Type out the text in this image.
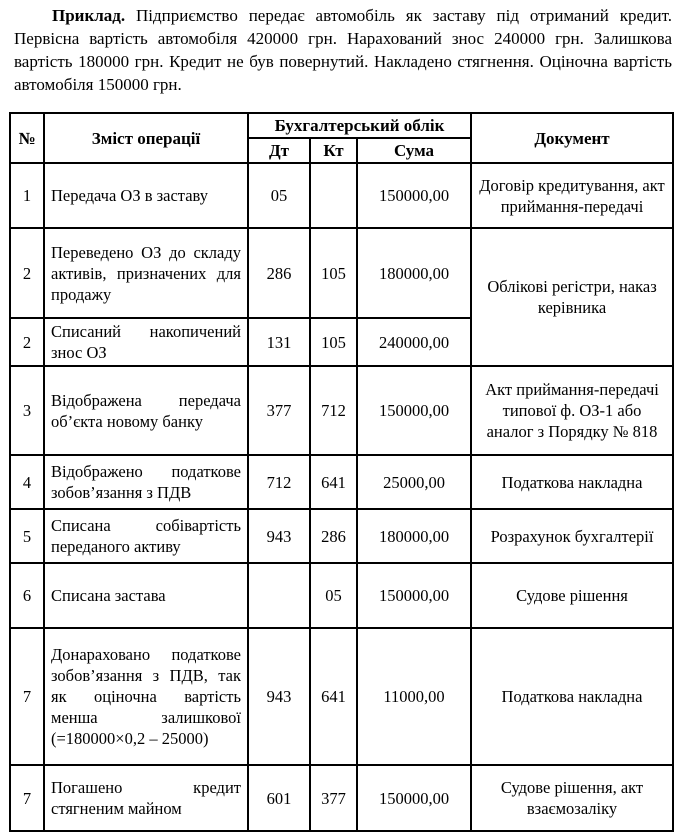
Приклад. Підприємство передає автомобіль як заставу під отриманий кредит. Первісна вартість автомобіля 420000 грн. Нарахований знос 240000 грн. Залишкова вартість 180000 грн. Кредит не був повернутий. Накладено стягнення. Оціночна вартість автомобіля 150000 грн.

№	Зміст операції	Бухгалтерський облік			Документ
		Дт	Кт	Сума	
1	Передача ОЗ в заставу	05		150000,00	Договір кредитування, акт приймання-передачі
2	Переведено ОЗ до складу активів, призначених для продажу	286	105	180000,00	Облікові регістри, наказ керівника
2	Списаний накопичений знос ОЗ	131	105	240000,00	
3	Відображена передача об’єкта новому банку	377	712	150000,00	Акт приймання-передачі типової ф. ОЗ-1 або аналог з Порядку № 818
4	Відображено податкове зобов’язання з ПДВ	712	641	25000,00	Податкова накладна
5	Списана собівартість переданого активу	943	286	180000,00	Розрахунок бухгалтерії
6	Списана застава		05	150000,00	Судове рішення
7	Донараховано податкове зобов’язання з ПДВ, так як оціночна вартість менша залишкової (=180000×0,2 – 25000)	943	641	11000,00	Податкова накладна
7	Погашено кредит стягненим майном	601	377	150000,00	Судове рішення, акт взаємозаліку
